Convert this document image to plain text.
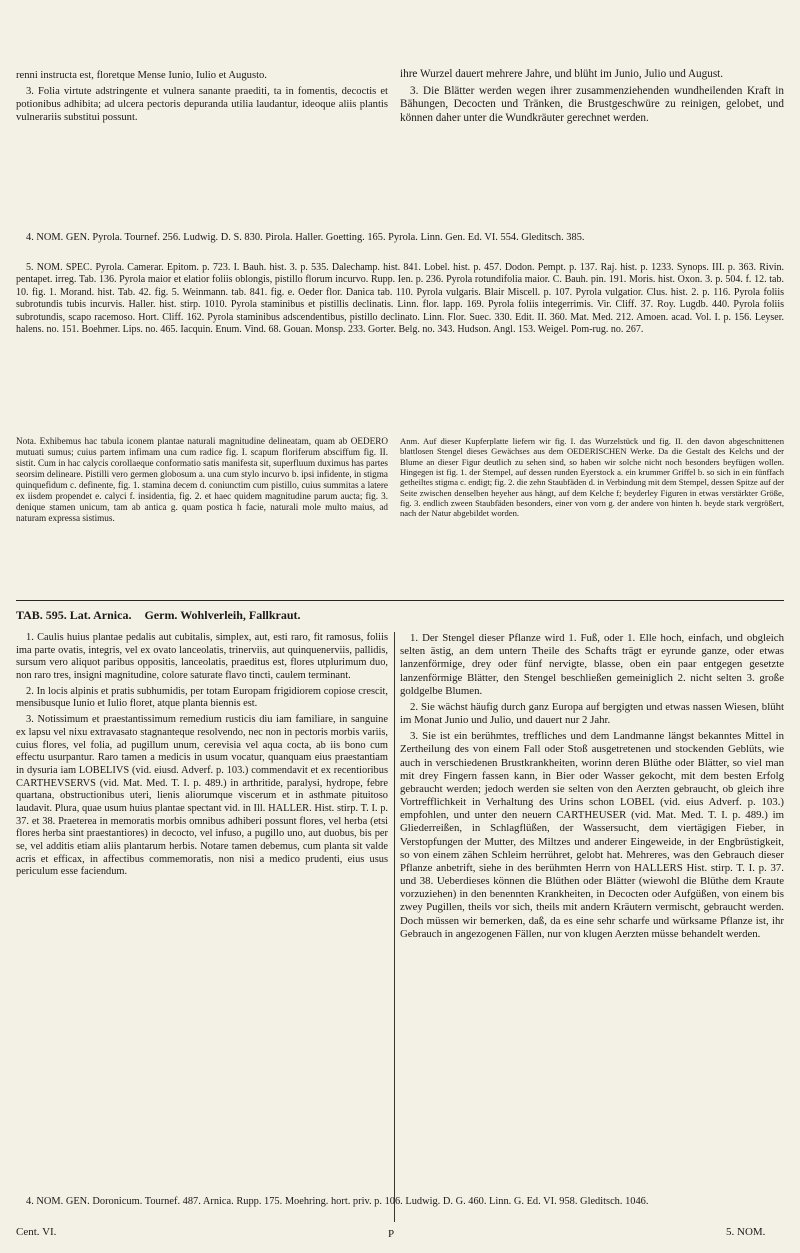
renni instructa est, floretque Mense Iunio, Iulio et Augusto.

3. Folia virtute adstringente et vulnera sanante praediti, ta in fomentis, decoctis et potionibus adhibita; ad ulcera pectoris depuranda utilia laudantur, ideoque aliis plantis vulnerariis substitui possunt.

ihre Wurzel dauert mehrere Jahre, und blüht im Junio, Julio und August.

3. Die Blätter werden wegen ihrer zusammenziehenden wundheilenden Kraft in Bähungen, Decocten und Tränken, die Brustgeschwüre zu reinigen, gelobet, und können daher unter die Wundkräuter gerechnet werden.

4. NOM. GEN. Pyrola. Tournef. 256. Ludwig. D. S. 830. Pirola. Haller. Goetting. 165. Pyrola. Linn. Gen. Ed. VI. 554. Gleditsch. 385.
5. NOM. SPEC. Pyrola. Camerar. Epitom. p. 723. I. Bauh. hist. 3. p. 535. Dalechamp. hist. 841. Lobel. hist. p. 457. Dodon. Pempt. p. 137. Raj. hist. p. 1233. Synops. III. p. 363. Rivin. pentapet. irreg. Tab. 136. Pyrola maior et elatior foliis oblongis, pistillo florum incurvo. Rupp. Ien. p. 236. Pyrola rotundifolia maior. C. Bauh. pin. 191. Moris. hist. Oxon. 3. p. 504. f. 12. tab. 10. fig. 1. Morand. hist. Tab. 42. fig. 5. Weinmann. tab. 841. fig. e. Oeder flor. Danica tab. 110. Pyrola vulgaris. Blair Miscell. p. 107. Pyrola vulgatior. Clus. hist. 2. p. 116. Pyrola foliis subrotundis tubis incurvis. Haller. hist. stirp. 1010. Pyrola staminibus et pistillis declinatis. Linn. flor. lapp. 169. Pyrola foliis integerrimis. Vir. Cliff. 37. Roy. Lugdb. 440. Pyrola foliis subrotundis, scapo racemoso. Hort. Cliff. 162. Pyrola staminibus adscendentibus, pistillo declinato. Linn. Flor. Suec. 330. Edit. II. 360. Mat. Med. 212. Amoen. acad. Vol. I. p. 156. Leyser. halens. no. 151. Boehmer. Lips. no. 465. Iacquin. Enum. Vind. 68. Gouan. Monsp. 233. Gorter. Belg. no. 343. Hudson. Angl. 153. Weigel. Pom-rug. no. 267.
Nota. Exhibemus hac tabula iconem plantae naturali magnitudine delineatam, quam ab OEDERO mutuati sumus; cuius partem infimam una cum radice fig. I. scapum floriferum absciffum fig. II. sistit. Cum in hac calycis corollaeque conformatio satis manifesta sit, superfluum duximus has partes seorsim delineare. Pistilli vero germen globosum a. una cum stylo incurvo b. ipsi infidente, in stigma quinquefidum c. definente, fig. 1. stamina decem d. coniunctim cum pistillo, cuius summitas a latere ex iisdem propendet e. calyci f. insidentia, fig. 2. et haec quidem magnitudine parum aucta; fig. 3. denique stamen unicum, tam ab antica g. quam postica h facie, naturali mole multo maius, ad naturam expressa sistimus.
Anm. Auf dieser Kupferplatte liefern wir fig. I. das Wurzelstück und fig. II. den davon abgeschnittenen blattlosen Stengel dieses Gewächses aus dem OEDERISCHEN Werke. Da die Gestalt des Kelchs und der Blume an dieser Figur deutlich zu sehen sind, so haben wir solche nicht noch besonders beyfügen wollen. Hingegen ist fig. 1. der Stempel, auf dessen runden Eyerstock a. ein krummer Griffel b. so sich in ein fünffach getheiltes stigma c. endigt; fig. 2. die zehn Staubfäden d. in Verbindung mit dem Stempel, dessen Spitze auf der Seite zwischen denselben heyeher aus hängt, auf dem Kelche f; beyderley Figuren in etwas verstärkter Größe, fig. 3. endlich zween Staubfäden besonders, einer von vorn g. der andere von hinten h. beyde stark vergrößert, nach der Natur abgebildet worden.
TAB. 595. Lat. Arnica. Germ. Wohlverleih, Fallkraut.

1. Caulis huius plantae pedalis aut cubitalis, simplex, aut, esti raro, fit ramosus, foliis ima parte ovatis, integris, vel ex ovato lanceolatis, trinerviis, aut quinquenerviis, pallidis, sursum vero aliquot paribus oppositis, lanceolatis, praeditus est, flores utplurimum duo, non raro tres, insigni magnitudine, colore saturate flavo tincti, caulem terminant.

2. In locis alpinis et pratis subhumidis, per totam Europam frigidiorem copiose crescit, mensibusque Iunio et Iulio floret, atque planta biennis est.

3. Notissimum et praestantissimum remedium rusticis diu iam familiare, in sanguine ex lapsu vel nixu extravasato stagnanteque resolvendo, nec non in pectoris morbis variis, cuius flores, vel folia, ad pugillum unum, cerevisia vel aqua cocta, ab iis bono cum effectu usurpantur. Raro tamen a medicis in usum vocatur, quanquam eius praestantiam in dysuria iam LOBELIVS (vid. eiusd. Adverf. p. 103.) commendavit et ex recentioribus CARTHEVSERVS (vid. Mat. Med. T. I. p. 489.) in arthritide, paralysi, hydrope, febre quartana, obstructionibus uteri, lienis aliorumque viscerum et in asthmate pituitoso laudavit. Plura, quae usum huius plantae spectant vid. in Ill. HALLER. Hist. stirp. T. I. p. 37. et 38. Praeterea in memoratis morbis omnibus adhiberi possunt flores, vel herba (etsi flores herba sint praestantiores) in decocto, vel infuso, a pugillo uno, aut duobus, bis per se, vel additis etiam aliis plantarum herbis. Notare tamen debemus, cum planta sit valde acris et efficax, in affectibus commemoratis, non nisi a medico prudenti, eius usus periculum esse faciendum.

1. Der Stengel dieser Pflanze wird 1. Fuß, oder 1. Elle hoch, einfach, und obgleich selten ästig, an dem untern Theile des Schafts trägt er eyrunde ganze, oder etwas lanzenförmige, drey oder fünf nervigte, blasse, oben ein paar entgegen gesetzte lanzenförmige Blätter, den Stengel beschließen gemeiniglich 2. nicht selten 3. große goldgelbe Blumen.

2. Sie wächst häufig durch ganz Europa auf bergigten und etwas nassen Wiesen, blüht im Monat Junio und Julio, und dauert nur 2 Jahr.

3. Sie ist ein berühmtes, treffliches und dem Landmanne längst bekanntes Mittel in Zertheilung des von einem Fall oder Stoß ausgetretenen und stockenden Geblüts, wie auch in verschiedenen Brustkrankheiten, worinn deren Blüthe oder Blätter, so viel man mit drey Fingern fassen kann, in Bier oder Wasser gekocht, mit dem besten Erfolg gebraucht werden; jedoch werden sie selten von den Aerzten gebraucht, ob gleich ihre Vortrefflichkeit in Verhaltung des Urins schon LOBEL (vid. eius Adverf. p. 103.) empfohlen, und unter den neuern CARTHEUSER (vid. Mat. Med. T. I. p. 489.) im Gliederreißen, in Schlagflüßen, der Wassersucht, dem viertägigen Fieber, in Verstopfungen der Mutter, des Miltzes und anderer Eingeweide, in der Engbrüstigkeit, so von einem zähen Schleim herrühret, gelobt hat. Mehreres, was den Gebrauch dieser Pflanze anbetrift, siehe in des berühmten Herrn von HALLERS Hist. stirp. T. I. p. 37. und 38. Ueberdieses können die Blüthen oder Blätter (wiewohl die Blüthe dem Kraute vorzuziehen) in den benennten Krankheiten, in Decocten oder Aufgüßen, von einem bis zwey Pugillen, theils vor sich, theils mit andern Kräutern vermischt, gebraucht werden. Doch müssen wir bemerken, daß, da es eine sehr scharfe und würksame Pflanze ist, ihr Gebrauch in angezogenen Fällen, nur von klugen Aerzten müsse behandelt werden.

4. NOM. GEN. Doronicum. Tournef. 487. Arnica. Rupp. 175. Moehring. hort. priv. p. 106. Ludwig. D. G. 460. Linn. G. Ed. VI. 958. Gleditsch. 1046.
Cent. VI.	P	5. NOM.
